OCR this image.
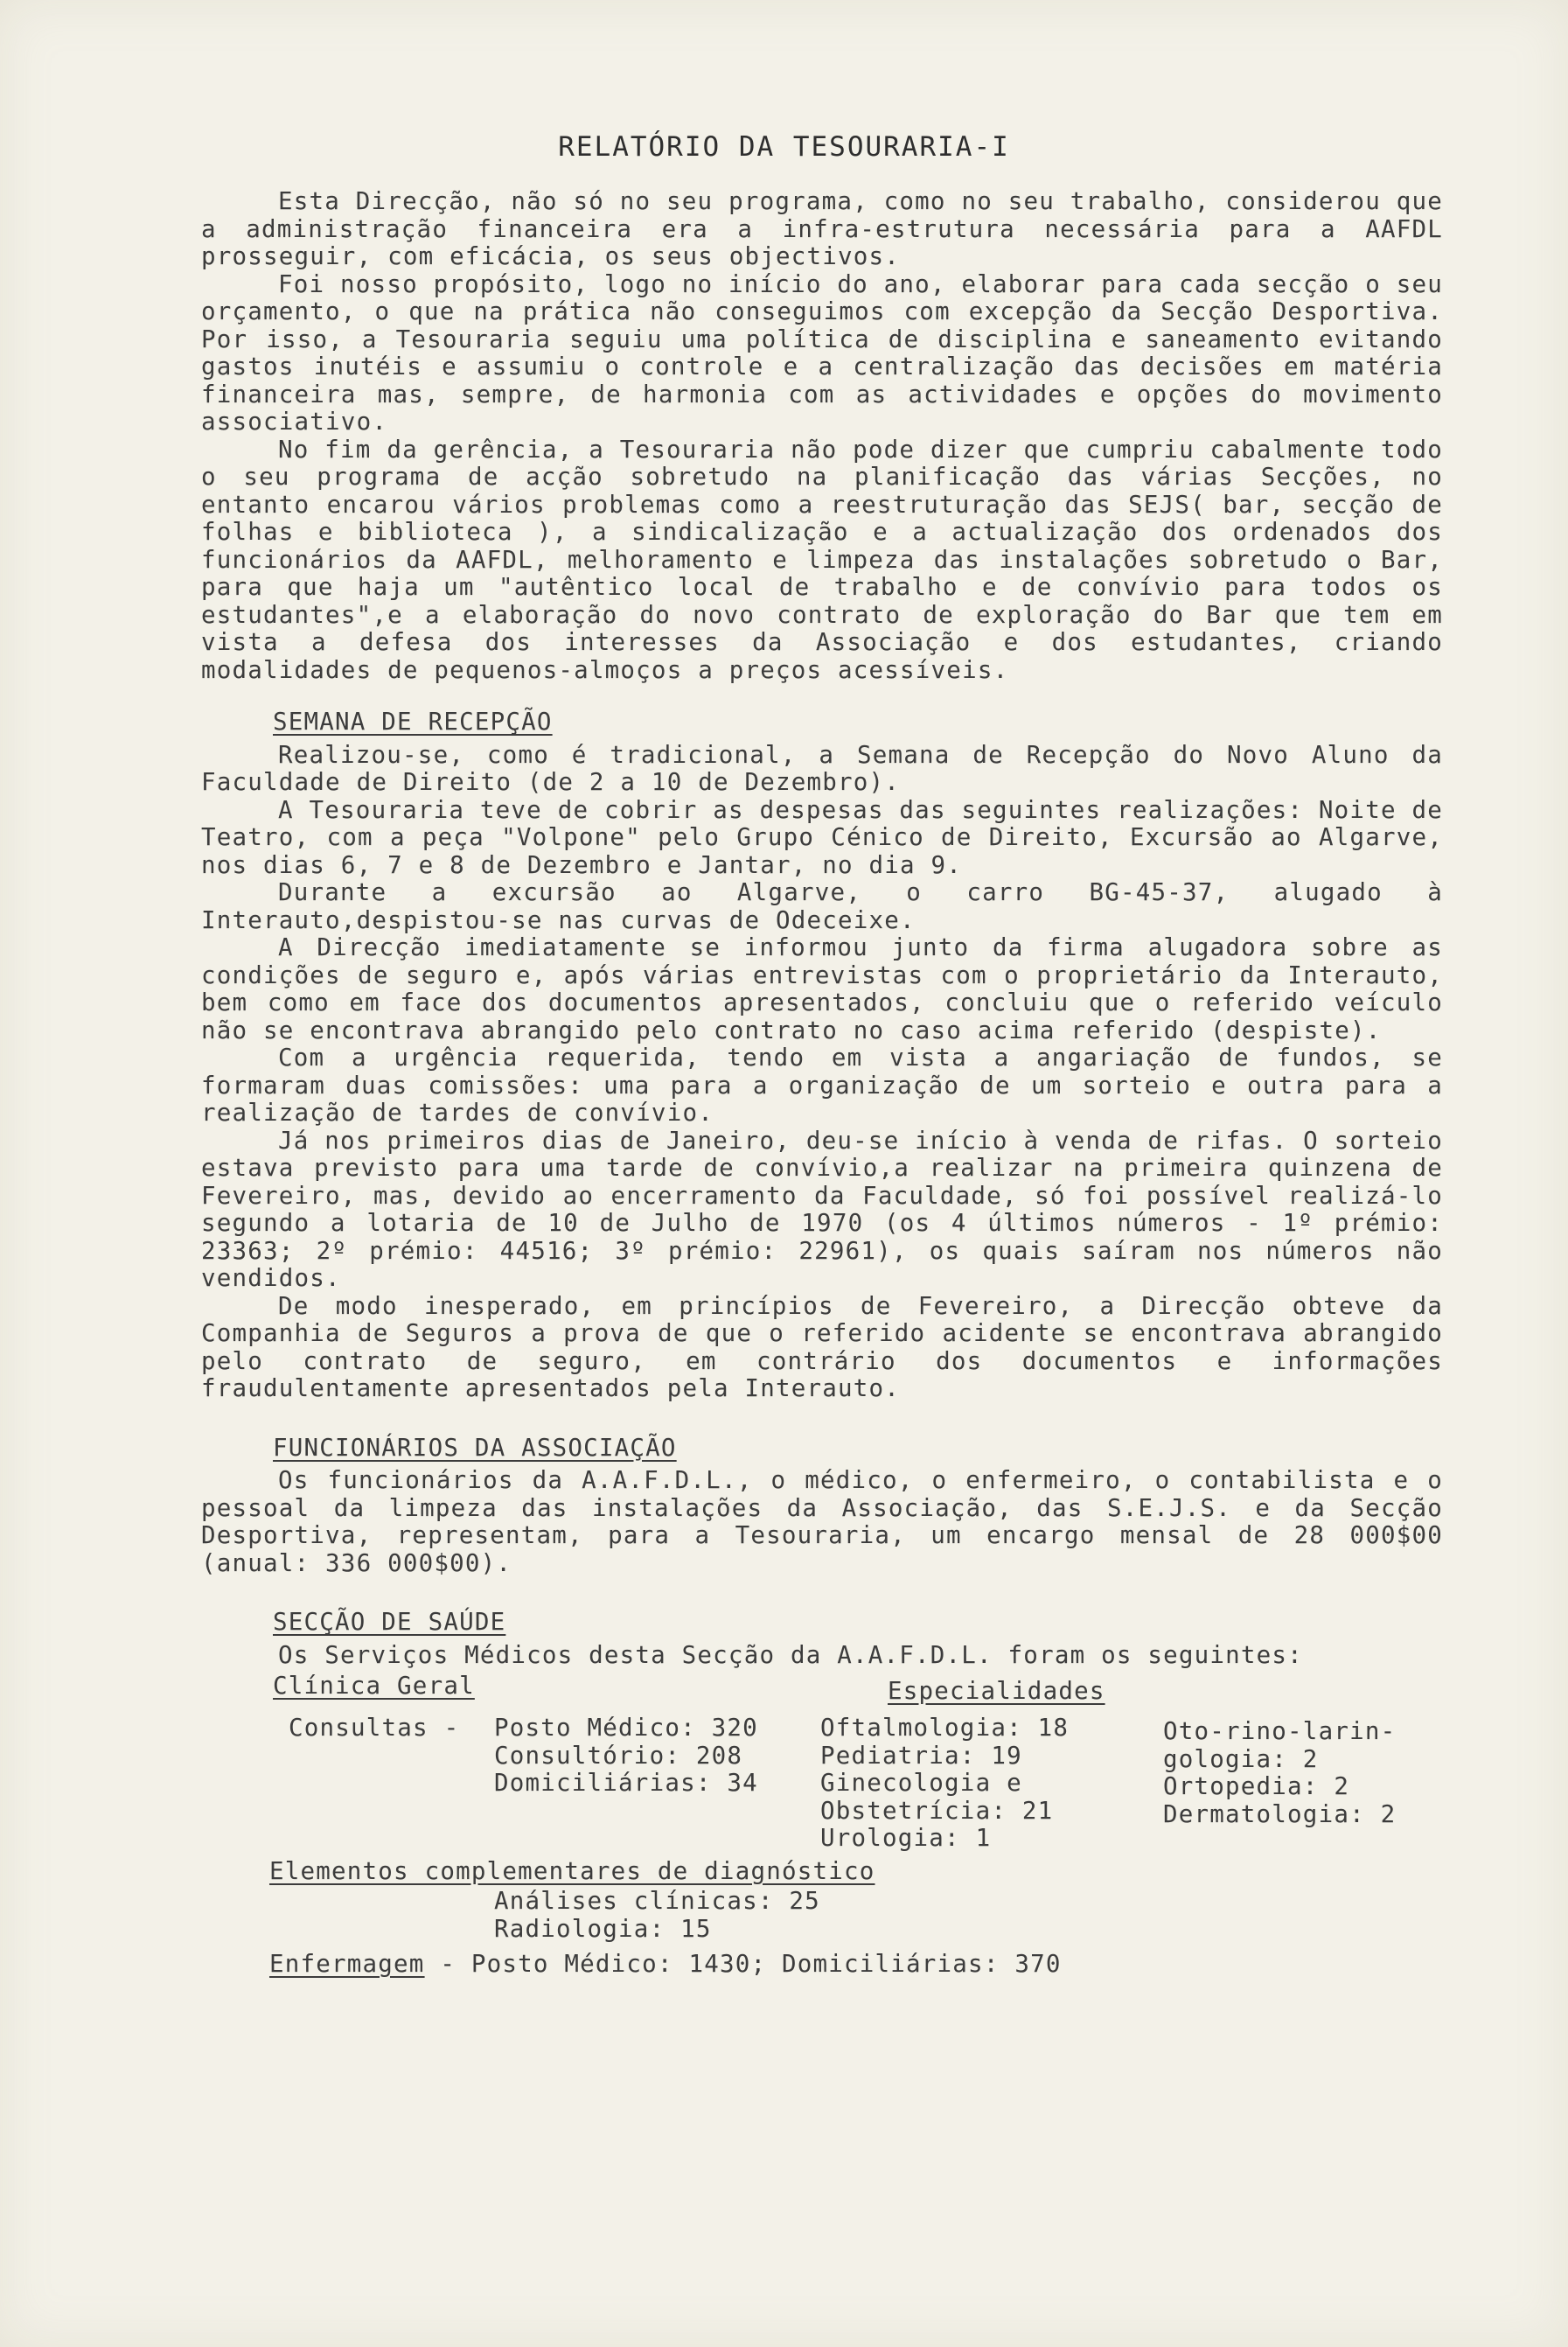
RELATÓRIO DA TESOURARIA-I

Esta Direcção, não só no seu programa, como no seu trabalho, considerou que a administração financeira era a infra-estrutura necessária para a AAFDL prosseguir, com eficácia, os seus objectivos.

Foi nosso propósito, logo no início do ano, elaborar para cada secção o seu orçamento, o que na prática não conseguimos com excepção da Secção Desportiva. Por isso, a Tesouraria seguiu uma política de disciplina e saneamento evitando gastos inutéis e assumiu o controle e a centralização das decisões em matéria financeira mas, sempre, de harmonia com as actividades e opções do movimento associativo.

No fim da gerência, a Tesouraria não pode dizer que cumpriu cabalmente todo o seu programa de acção sobretudo na planificação das várias Secções, no entanto encarou vários problemas como a reestruturação das SEJS( bar, secção de folhas e biblioteca ), a sindicalização e a actualização dos ordenados dos funcionários da AAFDL, melhoramento e limpeza das instalações sobretudo o Bar, para que haja um "autêntico local de trabalho e de convívio para todos os estudantes",e a elaboração do novo contrato de exploração do Bar que tem em vista a defesa dos interesses da Associação e dos estudantes, criando modalidades de pequenos-almoços a preços acessíveis.

SEMANA DE RECEPÇÃO

Realizou-se, como é tradicional, a Semana de Recepção do Novo Aluno da Faculdade de Direito (de 2 a 10 de Dezembro).

A Tesouraria teve de cobrir as despesas das seguintes realizações: Noite de Teatro, com a peça "Volpone" pelo Grupo Cénico de Direito, Excursão ao Algarve, nos dias 6, 7 e 8 de Dezembro e Jantar, no dia 9.

Durante a excursão ao Algarve, o carro BG-45-37, alugado à Interauto,despistou-se nas curvas de Odeceixe.

A Direcção imediatamente se informou junto da firma alugadora sobre as condições de seguro e, após várias entrevistas com o proprietário da Interauto, bem como em face dos documentos apresentados, concluiu que o referido veículo não se encontrava abrangido pelo contrato no caso acima referido (despiste).

Com a urgência requerida, tendo em vista a angariação de fundos, se formaram duas comissões: uma para a organização de um sorteio e outra para a realização de tardes de convívio.

Já nos primeiros dias de Janeiro, deu-se início à venda de rifas. O sorteio estava previsto para uma tarde de convívio,a realizar na primeira quinzena de Fevereiro, mas, devido ao encerramento da Faculdade, só foi possível realizá-lo segundo a lotaria de 10 de Julho de 1970 (os 4 últimos números - 1º prémio: 23363; 2º prémio: 44516; 3º prémio: 22961), os quais saíram nos números não vendidos.

De modo inesperado, em princípios de Fevereiro, a Direcção obteve da Companhia de Seguros a prova de que o referido acidente se encontrava abrangido pelo contrato de seguro, em contrário dos documentos e informações fraudulentamente apresentados pela Interauto.

FUNCIONÁRIOS DA ASSOCIAÇÃO

Os funcionários da A.A.F.D.L., o médico, o enfermeiro, o contabilista e o pessoal da limpeza das instalações da Associação, das S.E.J.S. e da Secção Desportiva, representam, para a Tesouraria, um encargo mensal de 28 000$00 (anual: 336 000$00).

SECÇÃO DE SAÚDE

Os Serviços Médicos desta Secção da A.A.F.D.L. foram os seguintes:

Clínica Geral	Especialidades
Consultas - Posto Médico: 320
Consultório: 208
Domiciliárias: 34
Oftalmologia: 18
Pediatria: 19
Ginecologia e
Obstetrícia: 21
Urologia: 1
Oto-rino-larin-
gologia: 2
Ortopedia: 2
Dermatologia: 2
Elementos complementares de diagnóstico
Análises clínicas: 25
Radiologia: 15
Enfermagem - Posto Médico: 1430; Domiciliárias: 370
